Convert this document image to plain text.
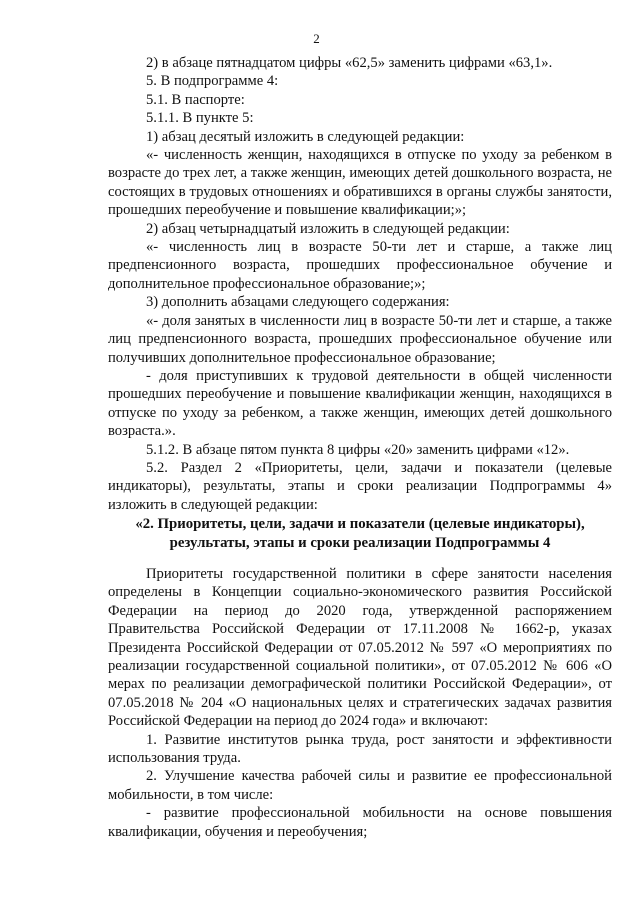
2

2) в абзаце пятнадцатом цифры «62,5» заменить цифрами «63,1».

5. В подпрограмме 4:

5.1. В паспорте:

5.1.1. В пункте 5:

1) абзац десятый изложить в следующей редакции:

«- численность женщин, находящихся в отпуске по уходу за ребенком в возрасте до трех лет, а также женщин, имеющих детей дошкольного возраста, не состоящих в трудовых отношениях и обратившихся в органы службы занятости, прошедших переобучение и повышение квалификации;»;

2) абзац четырнадцатый изложить в следующей редакции:

«- численность лиц в возрасте 50-ти лет и старше, а также лиц предпенсионного возраста, прошедших профессиональное обучение и дополнительное профессиональное образование;»;

3) дополнить абзацами следующего содержания:

«- доля занятых в численности лиц в возрасте 50-ти лет и старше, а также лиц предпенсионного возраста, прошедших профессиональное обучение или получивших дополнительное профессиональное образование;

- доля приступивших к трудовой деятельности в общей численности прошедших переобучение и повышение квалификации женщин, находящихся в отпуске по уходу за ребенком, а также женщин, имеющих детей дошкольного возраста.».

5.1.2. В абзаце пятом пункта 8 цифры «20» заменить цифрами «12».

5.2. Раздел 2 «Приоритеты, цели, задачи и показатели (целевые индикаторы), результаты, этапы и сроки реализации Подпрограммы 4» изложить в следующей редакции:

«2. Приоритеты, цели, задачи и показатели (целевые индикаторы),
результаты, этапы и сроки реализации Подпрограммы 4

Приоритеты государственной политики в сфере занятости населения определены в Концепции социально-экономического развития Российской Федерации на период до 2020 года, утвержденной распоряжением Правительства Российской Федерации от 17.11.2008 № 1662-р, указах Президента Российской Федерации от 07.05.2012 № 597 «О мероприятиях по реализации государственной социальной политики», от 07.05.2012 № 606 «О мерах по реализации демографической политики Российской Федерации», от 07.05.2018 № 204 «О национальных целях и стратегических задачах развития Российской Федерации на период до 2024 года» и включают:

1. Развитие институтов рынка труда, рост занятости и эффективности использования труда.

2. Улучшение качества рабочей силы и развитие ее профессиональной мобильности, в том числе:

- развитие профессиональной мобильности на основе повышения квалификации, обучения и переобучения;
